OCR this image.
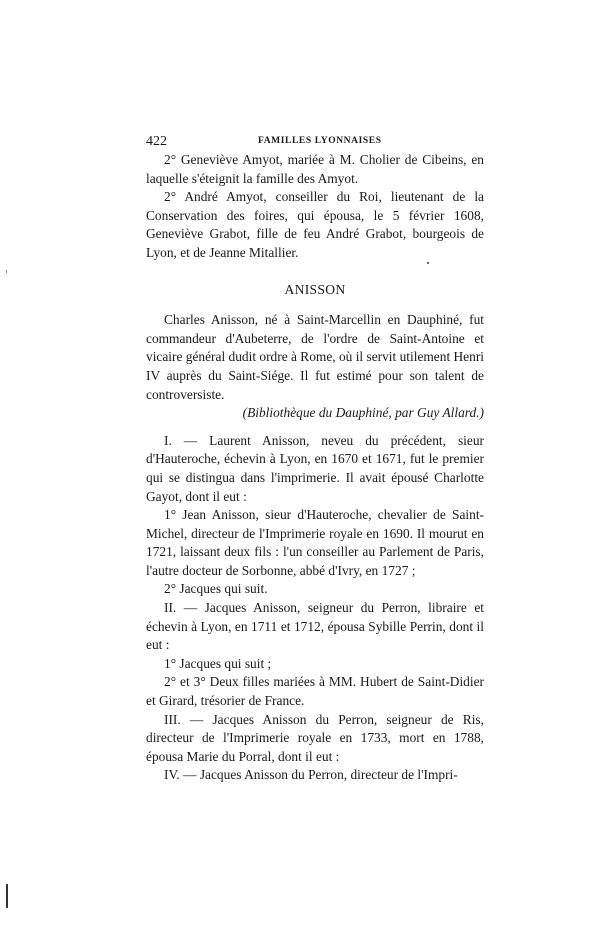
422	FAMILLES LYONNAISES

2° Geneviève Amyot, mariée à M. Cholier de Cibeins, en laquelle s'éteignit la famille des Amyot.

2° André Amyot, conseiller du Roi, lieutenant de la Conservation des foires, qui épousa, le 5 février 1608, Geneviève Grabot, fille de feu André Grabot, bourgeois de Lyon, et de Jeanne Mitallier.

ANISSON

Charles Anisson, né à Saint-Marcellin en Dauphiné, fut commandeur d'Aubeterre, de l'ordre de Saint-Antoine et vicaire général dudit ordre à Rome, où il servit utilement Henri IV auprès du Saint-Siége. Il fut estimé pour son talent de controversiste.

(Bibliothèque du Dauphiné, par Guy Allard.)

I. — Laurent Anisson, neveu du précédent, sieur d'Hauteroche, échevin à Lyon, en 1670 et 1671, fut le premier qui se distingua dans l'imprimerie. Il avait épousé Charlotte Gayot, dont il eut :

1° Jean Anisson, sieur d'Hauteroche, chevalier de Saint-Michel, directeur de l'Imprimerie royale en 1690. Il mourut en 1721, laissant deux fils : l'un conseiller au Parlement de Paris, l'autre docteur de Sorbonne, abbé d'Ivry, en 1727 ;

2° Jacques qui suit.

II. — Jacques Anisson, seigneur du Perron, libraire et échevin à Lyon, en 1711 et 1712, épousa Sybille Perrin, dont il eut :

1° Jacques qui suit ;

2° et 3° Deux filles mariées à MM. Hubert de Saint-Didier et Girard, trésorier de France.

III. — Jacques Anisson du Perron, seigneur de Ris, directeur de l'Imprimerie royale en 1733, mort en 1788, épousa Marie du Porral, dont il eut :

IV. — Jacques Anisson du Perron, directeur de l'Impri-
